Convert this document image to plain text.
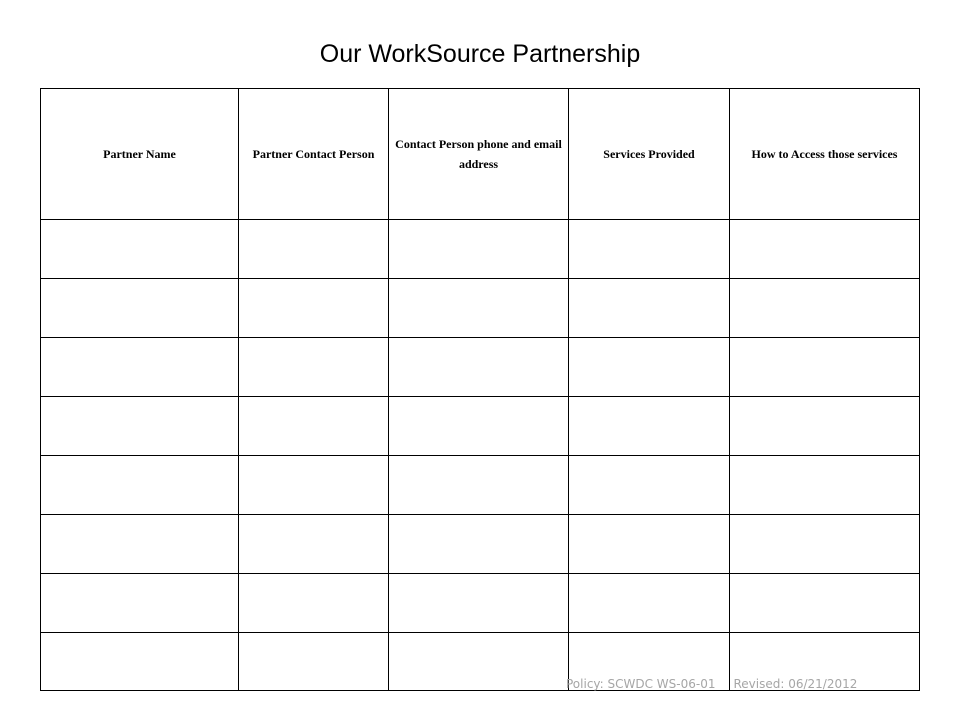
Our WorkSource Partnership
Partner Name	Partner Contact Person	Contact Person phone and email address	Services Provided	How to Access those services

Policy: SCWDC WS-06-01 Revised: 06/21/2012
